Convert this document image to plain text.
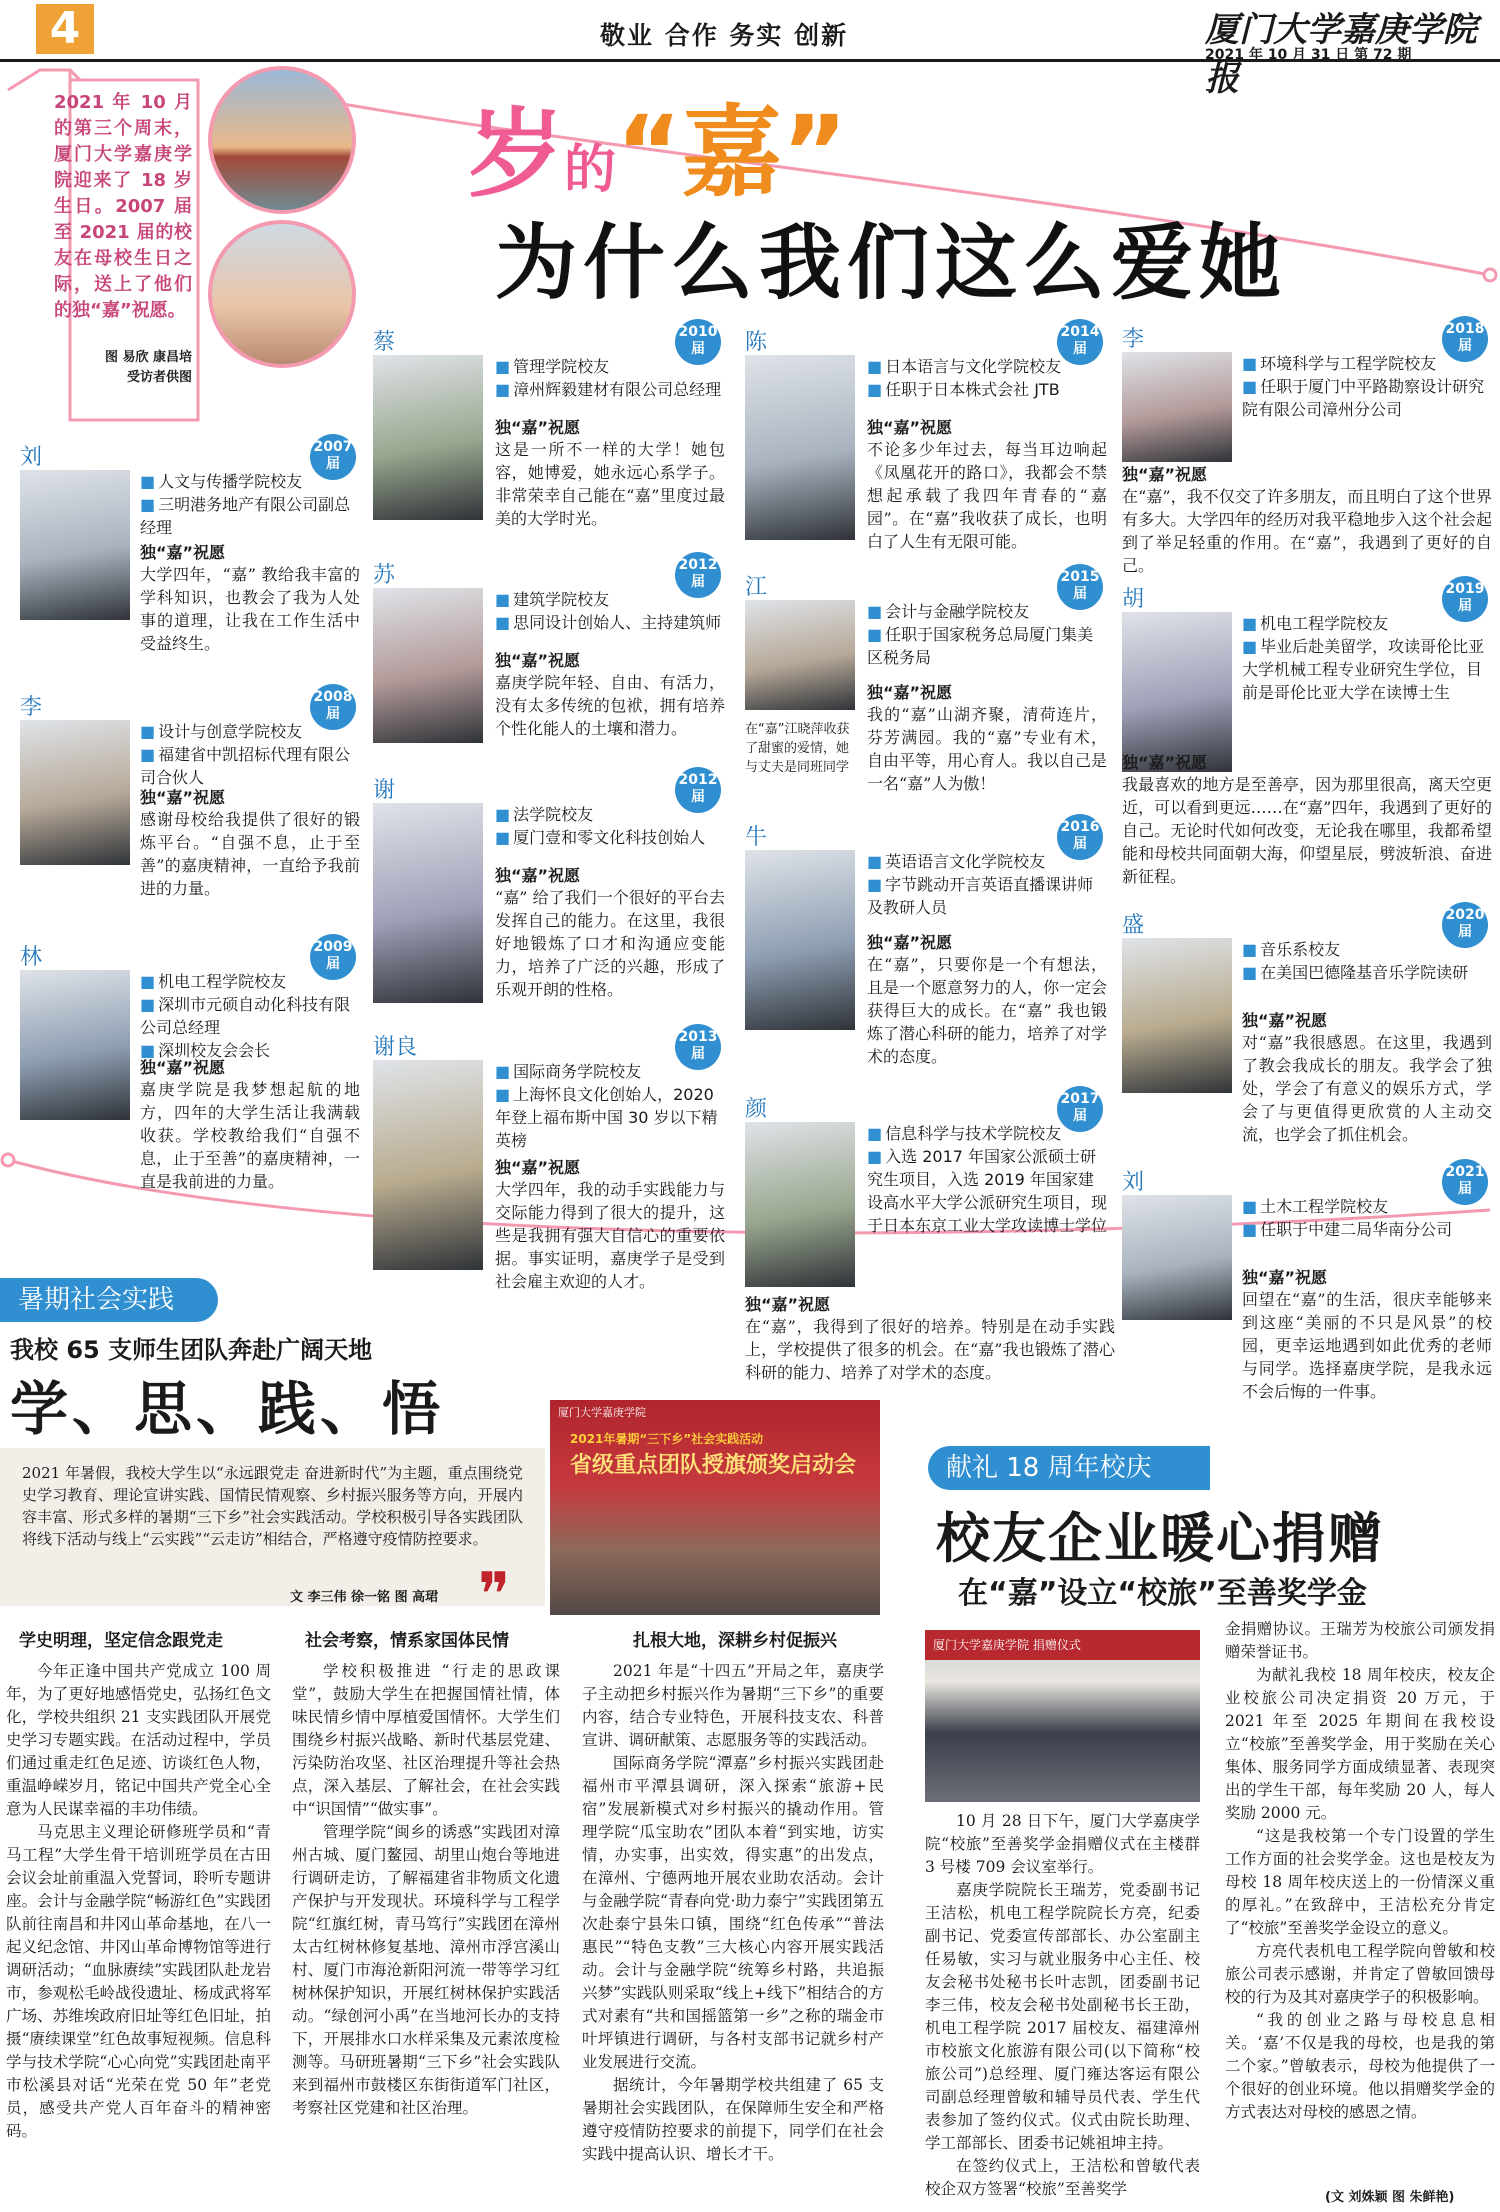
4	敬业 合作 务实 创新	厦门大学嘉庚学院报
2021 年 10 月 31 日 第 72 期
2021 年 10 月的第三个周末，厦门大学嘉庚学院迎来了 18 岁生日。2007 届至 2021 届的校友在母校生日之际，送上了他们的独“嘉”祝愿。
图 易欣 康昌培
受访者供图
岁的“嘉”
为什么我们这么爱她
刘	2007
届
■ 人文与传播学院校友
■ 三明港务地产有限公司副总经理
独“嘉”祝愿
大学四年，“嘉” 教给我丰富的学科知识，也教会了我为人处事的道理，让我在工作生活中受益终生。
李	2008
届
■ 设计与创意学院校友
■ 福建省中凯招标代理有限公司合伙人
独“嘉”祝愿
感谢母校给我提供了很好的锻炼平台。“自强不息，止于至善”的嘉庚精神，一直给予我前进的力量。
林	2009
届
■ 机电工程学院校友
■ 深圳市元硕自动化科技有限公司总经理
■ 深圳校友会会长
独“嘉”祝愿
嘉庚学院是我梦想起航的地方，四年的大学生活让我满载收获。学校教给我们“自强不息，止于至善”的嘉庚精神，一直是我前进的力量。
蔡	2010
届
■ 管理学院校友
■ 漳州辉毅建材有限公司总经理
独“嘉”祝愿
这是一所不一样的大学！她包容，她博爱，她永远心系学子。非常荣幸自己能在“嘉”里度过最美的大学时光。
苏	2012
届
■ 建筑学院校友
■ 思同设计创始人、主持建筑师
独“嘉”祝愿
嘉庚学院年轻、自由、有活力，没有太多传统的包袱，拥有培养个性化能人的土壤和潜力。
谢	2012
届
■ 法学院校友
■ 厦门壹和零文化科技创始人
独“嘉”祝愿
“嘉” 给了我们一个很好的平台去发挥自己的能力。在这里，我很好地锻炼了口才和沟通应变能力，培养了广泛的兴趣，形成了乐观开朗的性格。
谢良	2013
届
■ 国际商务学院校友
■ 上海怀良文化创始人，2020 年登上福布斯中国 30 岁以下精英榜
独“嘉”祝愿
大学四年，我的动手实践能力与交际能力得到了很大的提升，这些是我拥有强大自信心的重要依据。事实证明，嘉庚学子是受到社会雇主欢迎的人才。
陈	2014
届
■ 日本语言与文化学院校友
■ 任职于日本株式会社 JTB
独“嘉”祝愿
不论多少年过去，每当耳边响起《凤凰花开的路口》，我都会不禁想起承载了我四年青春的“嘉园”。在“嘉”我收获了成长，也明白了人生有无限可能。
江	2015
届
■ 会计与金融学院校友
■ 任职于国家税务总局厦门集美区税务局
独“嘉”祝愿
我的“嘉”山湖齐聚，清荷连片，芬芳满园。我的“嘉”专业有术，自由平等，用心育人。我以自己是一名“嘉”人为傲！
在“嘉”江晓萍收获了甜蜜的爱情，她与丈夫是同班同学
牛	2016
届
■ 英语语言文化学院校友
■ 字节跳动开言英语直播课讲师及教研人员
独“嘉”祝愿
在“嘉”，只要你是一个有想法，且是一个愿意努力的人，你一定会获得巨大的成长。在“嘉” 我也锻炼了潜心科研的能力，培养了对学术的态度。
颜	2017
届
■ 信息科学与技术学院校友
■ 入选 2017 年国家公派硕士研究生项目，入选 2019 年国家建设高水平大学公派研究生项目，现于日本东京工业大学攻读博士学位
独“嘉”祝愿
在“嘉”，我得到了很好的培养。特别是在动手实践上，学校提供了很多的机会。在“嘉”我也锻炼了潜心科研的能力、培养了对学术的态度。
李	2018
届
■ 环境科学与工程学院校友
■ 任职于厦门中平路勘察设计研究院有限公司漳州分公司
独“嘉”祝愿
在“嘉”，我不仅交了许多朋友，而且明白了这个世界有多大。大学四年的经历对我平稳地步入这个社会起到了举足轻重的作用。在“嘉”，我遇到了更好的自己。
胡	2019
届
■ 机电工程学院校友
■ 毕业后赴美留学，攻读哥伦比亚大学机械工程专业研究生学位，目前是哥伦比亚大学在读博士生
独“嘉”祝愿
我最喜欢的地方是至善亭，因为那里很高，离天空更近，可以看到更远……在“嘉”四年，我遇到了更好的自己。无论时代如何改变，无论我在哪里，我都希望能和母校共同面朝大海，仰望星辰，劈波斩浪、奋进新征程。
盛	2020
届
■ 音乐系校友
■ 在美国巴德隆基音乐学院读研
独“嘉”祝愿
对“嘉”我很感恩。在这里，我遇到了教会我成长的朋友。我学会了独处，学会了有意义的娱乐方式，学会了与更值得更欣赏的人主动交流，也学会了抓住机会。
刘	2021
届
■ 土木工程学院校友
■ 任职于中建二局华南分公司
独“嘉”祝愿
回望在“嘉”的生活，很庆幸能够来到这座“美丽的不只是风景”的校园，更幸运地遇到如此优秀的老师与同学。选择嘉庚学院，是我永远不会后悔的一件事。
暑期社会实践
我校 65 支师生团队奔赴广阔天地
学、思、践、悟
2021 年暑假，我校大学生以“永远跟党走 奋进新时代”为主题，重点围绕党史学习教育、理论宣讲实践、国情民情观察、乡村振兴服务等方向，开展内容丰富、形式多样的暑期“三下乡”社会实践活动。学校积极引导各实践团队将线下活动与线上“云实践”“云走访”相结合，严格遵守疫情防控要求。
文 李三伟 徐一铭 图 高珺 ❞
厦门大学嘉庚学院
2021年暑期“三下乡”社会实践活动
省级重点团队授旗颁奖启动会
学史明理，坚定信念跟党走	社会考察，情系家国体民情	扎根大地，深耕乡村促振兴

今年正逢中国共产党成立 100 周年，为了更好地感悟党史，弘扬红色文化，学校共组织 21 支实践团队开展党史学习专题实践。在活动过程中，学员们通过重走红色足迹、访谈红色人物，重温峥嵘岁月，铭记中国共产党全心全意为人民谋幸福的丰功伟绩。

马克思主义理论研修班学员和“青马工程”大学生骨干培训班学员在古田会议会址前重温入党誓词，聆听专题讲座。会计与金融学院“畅游红色”实践团队前往南昌和井冈山革命基地，在八一起义纪念馆、井冈山革命博物馆等进行调研活动；“血脉赓续”实践团队赴龙岩市，参观松毛岭战役遗址、杨成武将军广场、苏维埃政府旧址等红色旧址，拍摄“赓续课堂”红色故事短视频。信息科学与技术学院“心心向党”实践团赴南平市松溪县对话“光荣在党 50 年”老党员，感受共产党人百年奋斗的精神密码。

学校积极推进 “行走的思政课堂”，鼓励大学生在把握国情社情，体味民情乡情中厚植爱国情怀。大学生们围绕乡村振兴战略、新时代基层党建、污染防治攻坚、社区治理提升等社会热点，深入基层、了解社会，在社会实践中“识国情”“做实事”。

管理学院“闽乡的诱惑”实践团对漳州古城、厦门鳌园、胡里山炮台等地进行调研走访，了解福建省非物质文化遗产保护与开发现状。环境科学与工程学院“红旗红树，青马笃行”实践团在漳州太古红树林修复基地、漳州市浮宫溪山村、厦门市海沧新阳河流一带等学习红树林保护知识，开展红树林保护实践活动。“绿创河小禹”在当地河长办的支持下，开展排水口水样采集及元素浓度检测等。马研班暑期“三下乡”社会实践队来到福州市鼓楼区东街街道军门社区，考察社区党建和社区治理。

2021 年是“十四五”开局之年，嘉庚学子主动把乡村振兴作为暑期“三下乡”的重要内容，结合专业特色，开展科技支农、科普宣讲、调研献策、志愿服务等的实践活动。

国际商务学院“潭嘉”乡村振兴实践团赴福州市平潭县调研，深入探索“旅游+民宿”发展新模式对乡村振兴的撬动作用。管理学院“瓜宝助农”团队本着“到实地，访实情，办实事，出实效，得实惠”的出发点，在漳州、宁德两地开展农业助农活动。会计与金融学院“青春向党·助力泰宁”实践团第五次赴泰宁县朱口镇，围绕“红色传承”“普法惠民”“特色支教”三大核心内容开展实践活动。会计与金融学院“统筹乡村路，共追振兴梦”实践队则采取“线上+线下”相结合的方式对素有“共和国摇篮第一乡”之称的瑞金市叶坪镇进行调研，与各村支部书记就乡村产业发展进行交流。

据统计，今年暑期学校共组建了 65 支暑期社会实践团队，在保障师生安全和严格遵守疫情防控要求的前提下，同学们在社会实践中提高认识、增长才干。

献礼 18 周年校庆
校友企业暖心捐赠
在“嘉”设立“校旅”至善奖学金
厦门大学嘉庚学院 捐赠仪式

10 月 28 日下午，厦门大学嘉庚学院“校旅”至善奖学金捐赠仪式在主楼群 3 号楼 709 会议室举行。

嘉庚学院院长王瑞芳，党委副书记王洁松，机电工程学院院长方亮，纪委副书记、党委宣传部部长、办公室副主任易敏，实习与就业服务中心主任、校友会秘书处秘书长叶志凯，团委副书记李三伟，校友会秘书处副秘书长王劭，机电工程学院 2017 届校友、福建漳州市校旅文化旅游有限公司(以下简称“校旅公司”)总经理、厦门雍达客运有限公司副总经理曾敏和辅导员代表、学生代表参加了签约仪式。仪式由院长助理、学工部部长、团委书记姚祖坤主持。

在签约仪式上，王洁松和曾敏代表校企双方签署“校旅”至善奖学

金捐赠协议。王瑞芳为校旅公司颁发捐赠荣誉证书。

为献礼我校 18 周年校庆，校友企业校旅公司决定捐资 20 万元，于 2021 年至 2025 年期间在我校设立“校旅”至善奖学金，用于奖励在关心集体、服务同学方面成绩显著、表现突出的学生干部，每年奖励 20 人，每人奖励 2000 元。

“这是我校第一个专门设置的学生工作方面的社会奖学金。这也是校友为母校 18 周年校庆送上的一份情深义重的厚礼。”在致辞中，王洁松充分肯定了“校旅”至善奖学金设立的意义。

方亮代表机电工程学院向曾敏和校旅公司表示感谢，并肯定了曾敏回馈母校的行为及其对嘉庚学子的积极影响。

“我的创业之路与母校息息相关。‘嘉’不仅是我的母校，也是我的第二个家。”曾敏表示，母校为他提供了一个很好的创业环境。他以捐赠奖学金的方式表达对母校的感恩之情。

(文 刘姝颖 图 朱鲜艳)
